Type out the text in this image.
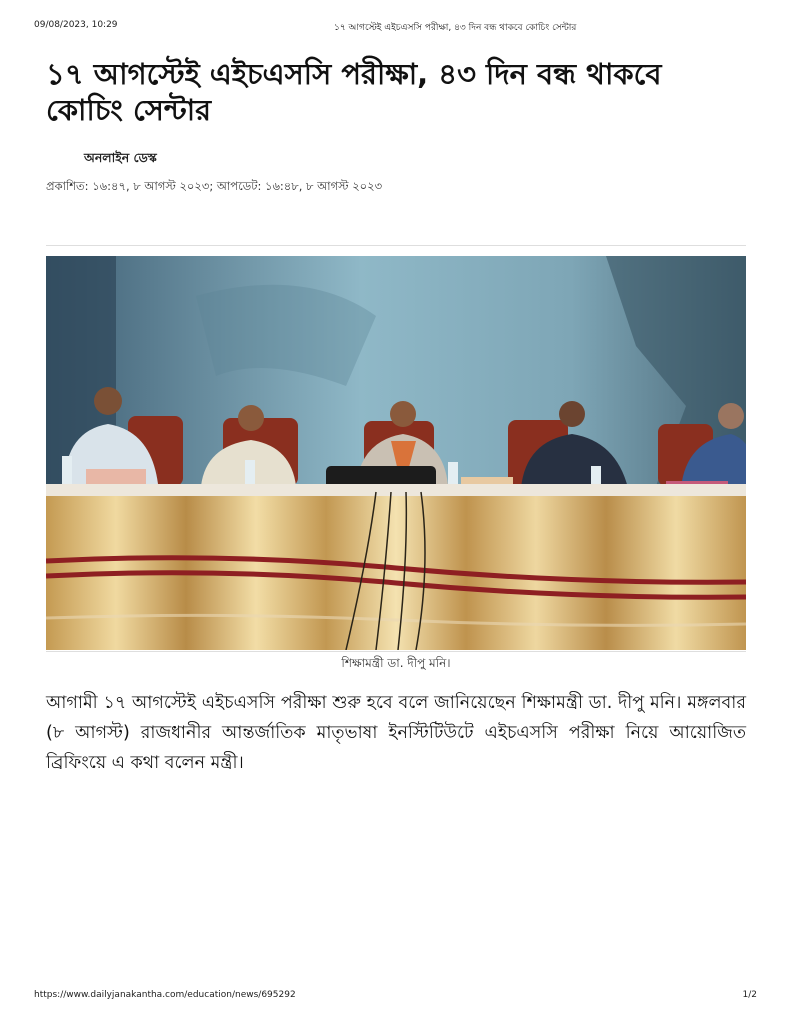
09/08/2023, 10:29	১৭ আগস্টেই এইচএসসি পরীক্ষা, ৪৩ দিন বন্ধ থাকবে কোচিং সেন্টার
১৭ আগস্টেই এইচএসসি পরীক্ষা, ৪৩ দিন বন্ধ থাকবে কোচিং সেন্টার
অনলাইন ডেস্ক
প্রকাশিত: ১৬:৪৭, ৮ আগস্ট ২০২৩; আপডেট: ১৬:৪৮, ৮ আগস্ট ২০২৩
শিক্ষামন্ত্রী ডা. দীপু মনি।

আগামী ১৭ আগস্টেই এইচএসসি পরীক্ষা শুরু হবে বলে জানিয়েছেন শিক্ষামন্ত্রী ডা. দীপু মনি। মঙ্গলবার (৮ আগস্ট) রাজধানীর আন্তর্জাতিক মাতৃভাষা ইনস্টিটিউটে এইচএসসি পরীক্ষা নিয়ে আয়োজিত ব্রিফিংয়ে এ কথা বলেন মন্ত্রী।

https://www.dailyjanakantha.com/education/news/695292	1/2
